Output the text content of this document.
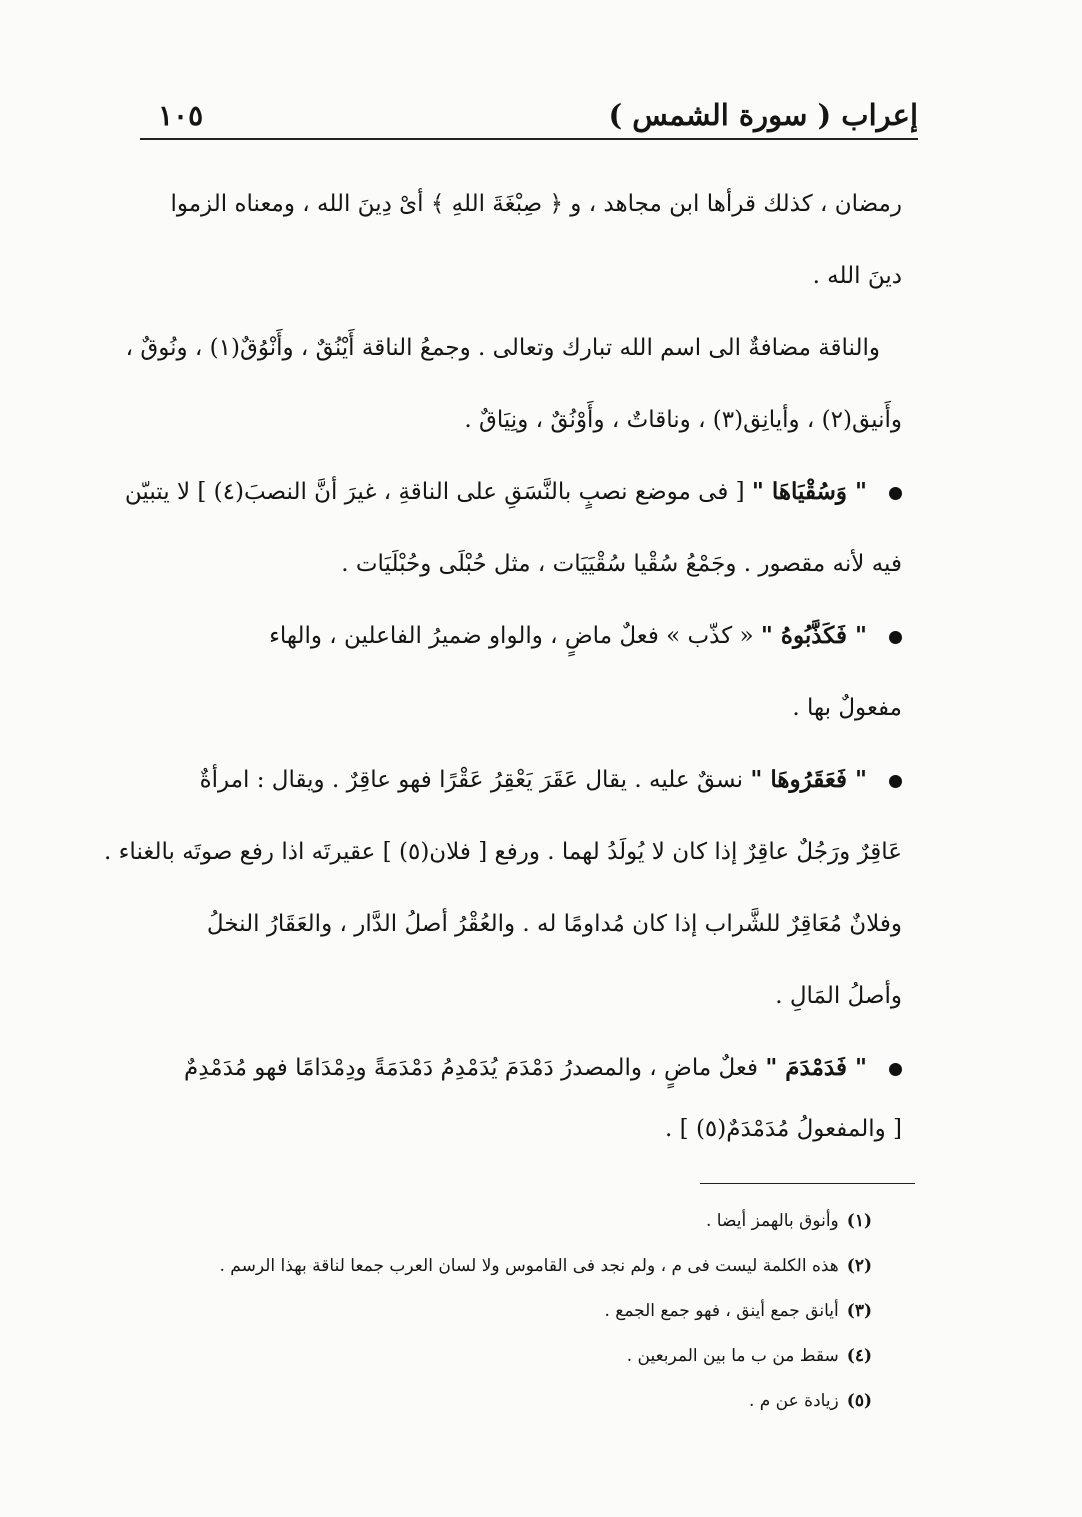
إعراب ( سورة الشمس )
١٠٥
رمضان ، كذلك قرأها ابن مجاهد ، و ﴿ صِبْغَةَ اللهِ ﴾ أىْ دِينَ الله ، ومعناه الزموا
دينَ الله .
والناقة مضافةٌ الى اسم الله تبارك وتعالى . وجمعُ الناقة أَيْنُقٌ ، وأَنْوُقٌ(١) ، ونُوقٌ ،
وأَنيق(٢) ، وأيانِق(٣) ، وناقاتٌ ، وأَوْنُقٌ ، ونِيَاقٌ .
" وَسُقْيَاهَا " [ فى موضع نصبٍ بالنَّسَقِ على الناقةِ ، غيرَ أنَّ النصبَ(٤) ] لا يتبيّن
فيه لأنه مقصور . وجَمْعُ سُقْيا سُقْيَيَات ، مثل حُبْلَى وحُبْلَيَات .
" فَكَذَّبُوهُ " « كذّب » فعلٌ ماضٍ ، والواو ضميرُ الفاعلين ، والهاء
مفعولٌ بها .
" فَعَقَرُوهَا " نسقٌ عليه . يقال عَقَرَ يَعْقِرُ عَقْرًا فهو عاقِرٌ . ويقال : امرأةٌ
عَاقِرٌ ورَجُلٌ عاقِرٌ إذا كان لا يُولَدُ لهما . ورفع [ فلان(٥) ] عقيرتَه اذا رفع صوتَه بالغناء .
وفلانٌ مُعَاقِرٌ للشَّراب إذا كان مُداومًا له . والعُقْرُ أصلُ الدَّار ، والعَقَارُ النخلُ
وأصلُ المَالِ .
" فَدَمْدَمَ " فعلٌ ماضٍ ، والمصدرُ دَمْدَمَ يُدَمْدِمُ دَمْدَمَةً ودِمْدَامًا فهو مُدَمْدِمٌ
[ والمفعولُ مُدَمْدَمٌ(٥) ] .
(١)وأنوق بالهمز أيضا .
(٢)هذه الكلمة ليست فى م ، ولم نجد فى القاموس ولا لسان العرب جمعا لناقة بهذا الرسم .
(٣)أيانق جمع أينق ، فهو جمع الجمع .
(٤)سقط من ب ما بين المربعين .
(٥)زيادة عن م .
